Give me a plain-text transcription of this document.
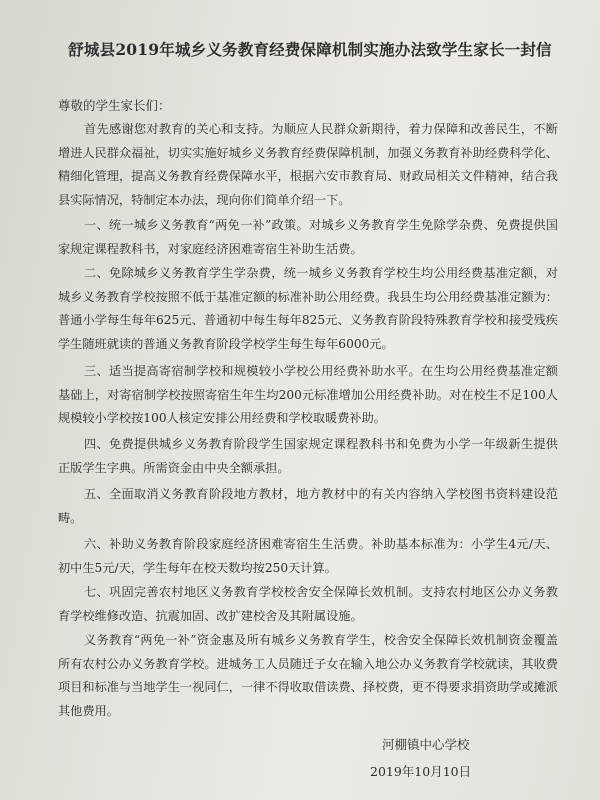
舒城县2019年城乡义务教育经费保障机制实施办法致学生家长一封信
尊敬的学生家长们：
首先感谢您对教育的关心和支持。为顺应人民群众新期待，着力保障和改善民生，不断增进人民群众福祉，切实实施好城乡义务教育经费保障机制，加强义务教育补助经费科学化、精细化管理，提高义务教育经费保障水平，根据六安市教育局、财政局相关文件精神，结合我县实际情况，特制定本办法，现向你们简单介绍一下。
一、统一城乡义务教育“两免一补”政策。对城乡义务教育学生免除学杂费、免费提供国家规定课程教科书，对家庭经济困难寄宿生补助生活费。
二、免除城乡义务教育学生学杂费，统一城乡义务教育学校生均公用经费基准定额，对城乡义务教育学校按照不低于基准定额的标准补助公用经费。我县生均公用经费基准定额为：普通小学每生每年625元、普通初中每生每年825元、义务教育阶段特殊教育学校和接受残疾学生随班就读的普通义务教育阶段学校学生每生每年6000元。
三、适当提高寄宿制学校和规模较小学校公用经费补助水平。在生均公用经费基准定额基础上，对寄宿制学校按照寄宿生年生均200元标准增加公用经费补助。对在校生不足100人规模较小学校按100人核定安排公用经费和学校取暖费补助。
四、免费提供城乡义务教育阶段学生国家规定课程教科书和免费为小学一年级新生提供正版学生字典。所需资金由中央全额承担。
五、全面取消义务教育阶段地方教材，地方教材中的有关内容纳入学校图书资料建设范畴。
六、补助义务教育阶段家庭经济困难寄宿生生活费。补助基本标准为：小学生4元/天、初中生5元/天，学生每年在校天数均按250天计算。
七、巩固完善农村地区义务教育学校校舍安全保障长效机制。支持农村地区公办义务教育学校维修改造、抗震加固、改扩建校舍及其附属设施。
义务教育“两免一补”资金惠及所有城乡义务教育学生，校舍安全保障长效机制资金覆盖所有农村公办义务教育学校。进城务工人员随迁子女在输入地公办义务教育学校就读，其收费项目和标准与当地学生一视同仁，一律不得收取借读费、择校费，更不得要求捐资助学或摊派其他费用。
河棚镇中心学校
2019年10月10日
